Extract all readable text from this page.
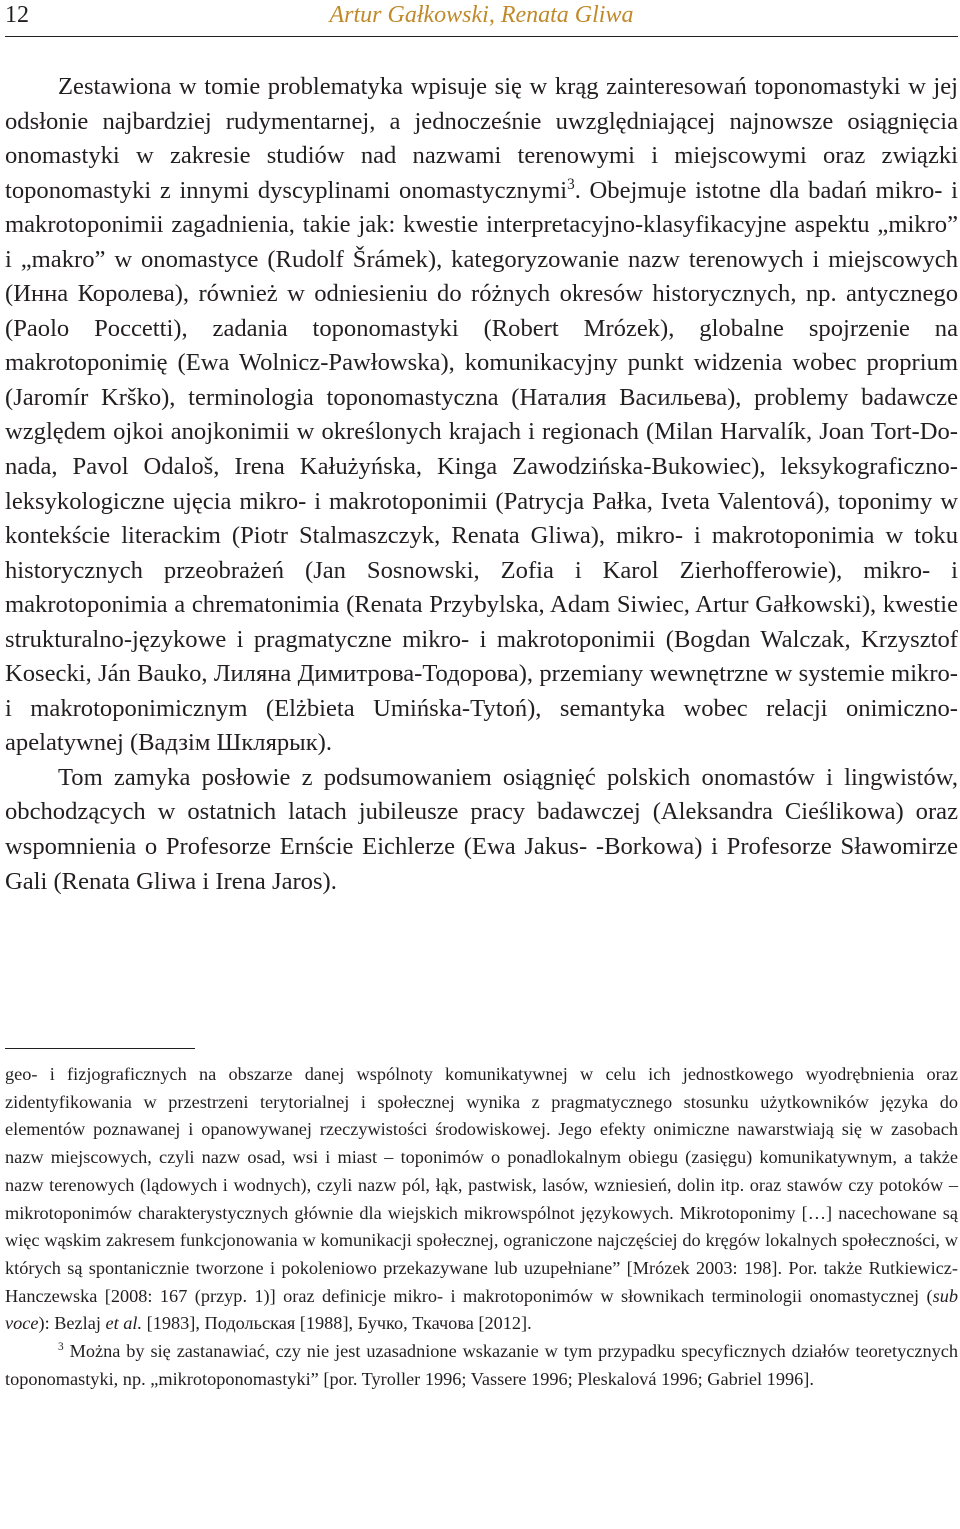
12	Artur Gałkowski, Renata Gliwa

Zestawiona w tomie problematyka wpisuje się w krąg zainteresowań toponomastyki w jej odsłonie najbardziej rudymentarnej, a jednocześnie uwzględniającej najnowsze osiągnięcia onomastyki w zakresie studiów nad nazwami terenowymi i miejscowymi oraz związki toponomastyki z innymi dyscyplinami onomastycznymi$^3$. Obejmuje istotne dla badań mikro- i makrotoponimii zagadnienia, takie jak: kwestie interpretacyjno-klasyfikacyjne aspektu „mikro” i „makro” w onomastyce (Rudolf Šrámek), kategoryzowanie nazw terenowych i miejscowych (Инна Королева), również w odniesieniu do różnych okresów historycznych, np. antycznego (Paolo Poccetti), zadania toponomastyki (Robert Mrózek), globalne spojrzenie na makrotoponimię (Ewa Wolnicz-Pawłowska), komunikacyjny punkt widzenia wobec proprium (Jaromír Krško), terminologia toponomastyczna (Наталия Васильева), problemy badawcze względem ojkoi anojkonimii w określonych krajach i regionach (Milan Harvalík, Joan Tort-Donada, Pavol Odaloš, Irena Kałużyńska, Kinga Zawodzińska-Bukowiec), leksykograficzno-leksykologiczne ujęcia mikro- i makrotoponimii (Patrycja Pałka, Iveta Valentová), toponimy w kontekście literackim (Piotr Stalmaszczyk, Renata Gliwa), mikro- i makrotoponimia w toku historycznych przeobrażeń (Jan Sosnowski, Zofia i Karol Zierhofferowie), mikro- i makrotoponimia a chrematonimia (Renata Przybylska, Adam Siwiec, Artur Gałkowski), kwestie strukturalno-językowe i pragmatyczne mikro- i makrotoponimii (Bogdan Walczak, Krzysztof Kosecki, Ján Bauko, Лиляна Димитрова-Тодорова), przemiany wewnętrzne w systemie mikro- i makrotoponimicznym (Elżbieta Umińska-Tytoń), semantyka wobec relacji onimiczno-apelatywnej (Вадзім Шклярык).

Tom zamyka posłowie z podsumowaniem osiągnięć polskich onomastów i lingwistów, obchodzących w ostatnich latach jubileusze pracy badawczej (Aleksandra Cieślikowa) oraz wspomnienia o Profesorze Ernście Eichlerze (Ewa Jakus- -Borkowa) i Profesorze Sławomirze Gali (Renata Gliwa i Irena Jaros).

geo- i fizjograficznych na obszarze danej wspólnoty komunikatywnej w celu ich jednostkowego wyodrębnienia oraz zidentyfikowania w przestrzeni terytorialnej i społecznej wynika z pragmatycznego stosunku użytkowników języka do elementów poznawanej i opanowywanej rzeczywistości środowiskowej. Jego efekty onimiczne nawarstwiają się w zasobach nazw miejscowych, czyli nazw osad, wsi i miast – toponimów o ponadlokalnym obiegu (zasięgu) komunikatywnym, a także nazw terenowych (lądowych i wodnych), czyli nazw pól, łąk, pastwisk, lasów, wzniesień, dolin itp. oraz stawów czy potoków – mikrotoponimów charakterystycznych głównie dla wiejskich mikrowspólnot językowych. Mikrotoponimy […] nacechowane są więc wąskim zakresem funkcjonowania w komunikacji społecznej, ograniczone najczęściej do kręgów lokalnych społeczności, w których są spontanicznie tworzone i pokoleniowo przekazywane lub uzupełniane” [Mrózek 2003: 198]. Por. także Rutkiewicz-Hanczewska [2008: 167 (przyp. 1)] oraz definicje mikro- i makrotoponimów w słownikach terminologii onomastycznej (sub voce): Bezlaj et al. [1983], Подольская [1988], Бучко, Ткачова [2012].

$^3$ Można by się zastanawiać, czy nie jest uzasadnione wskazanie w tym przypadku specyficznych działów teoretycznych toponomastyki, np. „mikrotoponomastyki” [por. Tyroller 1996; Vassere 1996; Pleskalová 1996; Gabriel 1996].
